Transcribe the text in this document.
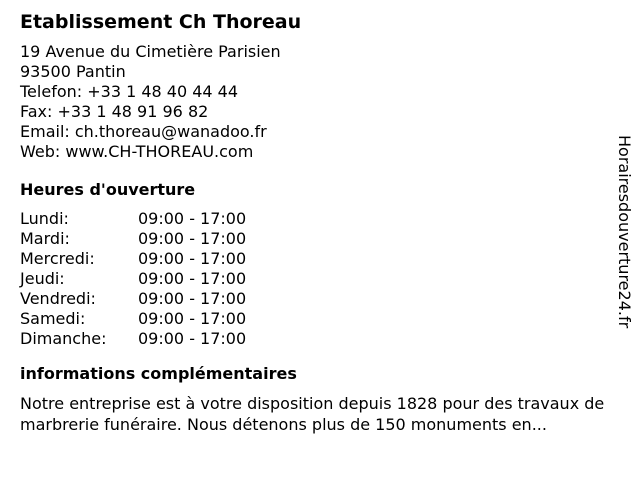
Etablissement Ch Thoreau
19 Avenue du Cimetière Parisien
93500 Pantin
Telefon: +33 1 48 40 44 44
Fax: +33 1 48 91 96 82
Email: ch.thoreau@wanadoo.fr
Web: www.CH-THOREAU.com
Heures d'ouverture
Lundi:	09:00 - 17:00
Mardi:	09:00 - 17:00
Mercredi:	09:00 - 17:00
Jeudi:	09:00 - 17:00
Vendredi:	09:00 - 17:00
Samedi:	09:00 - 17:00
Dimanche:	09:00 - 17:00
informations complémentaires

Notre entreprise est à votre disposition depuis 1828 pour des travaux de marbrerie funéraire. Nous détenons plus de 150 monuments en...

Horairesdouverture24.fr
